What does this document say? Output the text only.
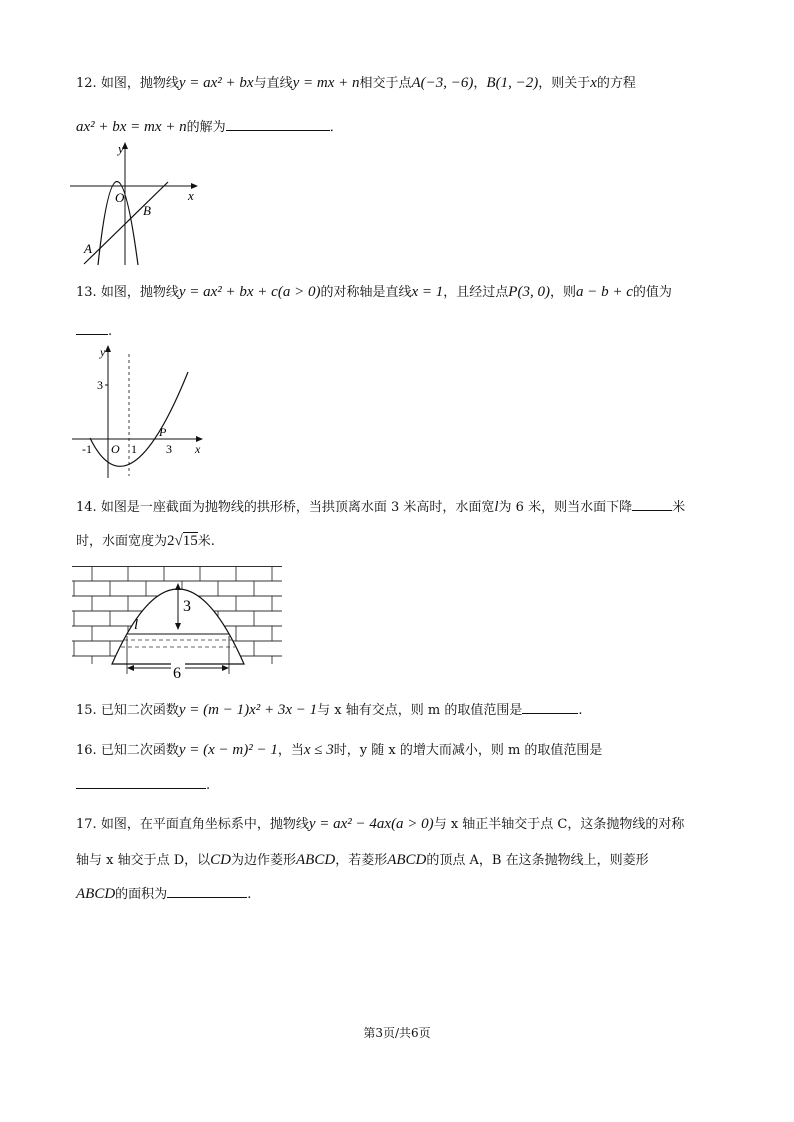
12. 如图，抛物线y = ax² + bx与直线y = mx + n相交于点A(−3, −6)，B(1, −2)，则关于x的方程
ax² + bx = mx + n的解为	．
y
x
O
A
B
13. 如图，抛物线y = ax² + bx + c(a > 0)的对称轴是直线x = 1，且经过点P(3, 0)，则a − b + c的值为
.
y
x
3
-1 O 1 3
P
14. 如图是一座截面为抛物线的拱形桥，当拱顶离水面 3 米高时，水面宽l为 6 米，则当水面下降	米
时，水面宽度为2√15米.
3
l
6
15. 已知二次函数y = (m − 1)x² + 3x − 1与 x 轴有交点，则 m 的取值范围是	.
16. 已知二次函数y = (x − m)² − 1，当x ≤ 3时，y 随 x 的增大而减小，则 m 的取值范围是
.
17. 如图，在平面直角坐标系中，抛物线y = ax² − 4ax(a > 0)与 x 轴正半轴交于点 C，这条抛物线的对称
轴与 x 轴交于点 D，以CD为边作菱形ABCD，若菱形ABCD的顶点 A，B 在这条抛物线上，则菱形
ABCD的面积为	.
第3页/共6页
